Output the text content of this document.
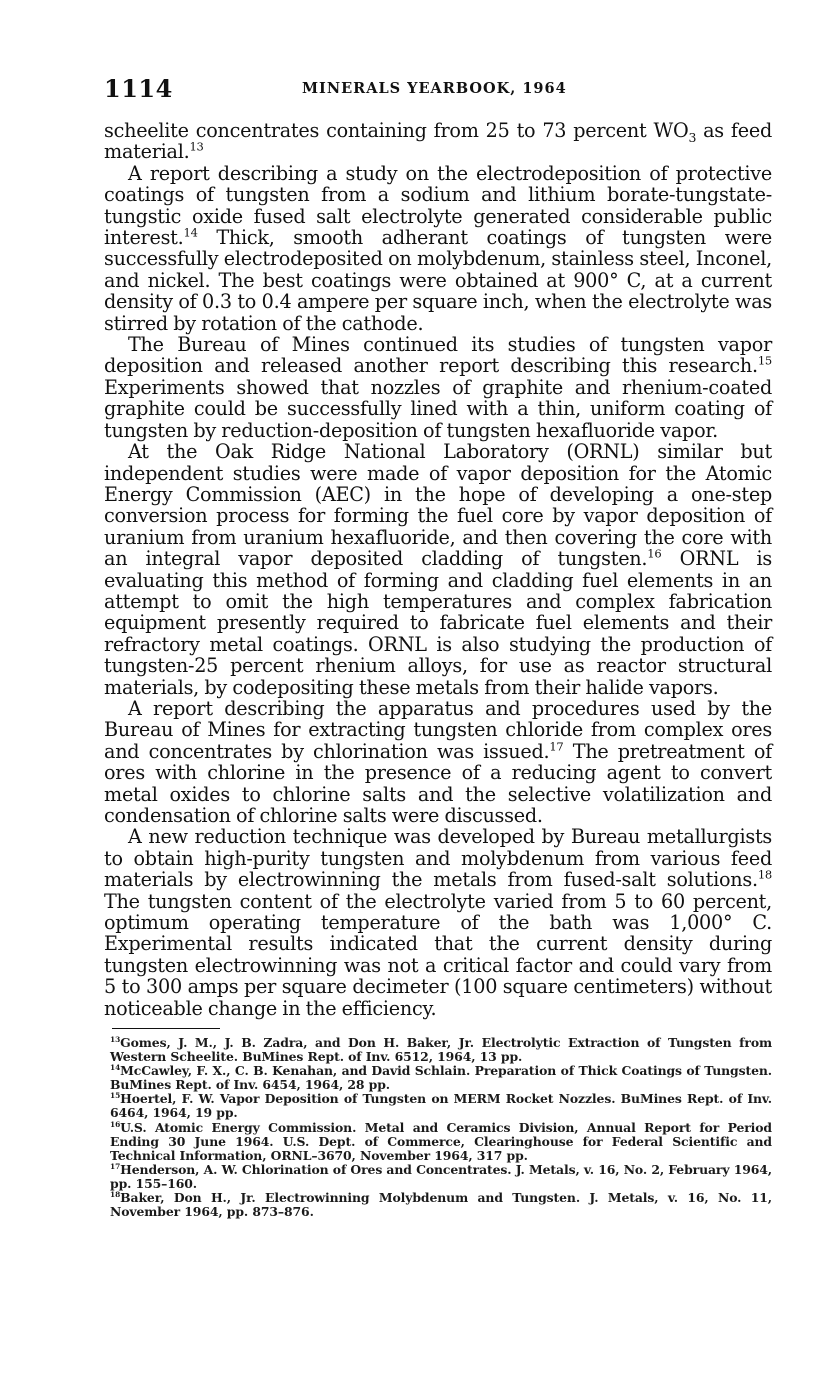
1114	MINERALS YEARBOOK, 1964

scheelite concentrates containing from 25 to 73 percent $WO_3$ as feed material.$^{13}$

A report describing a study on the electrodeposition of protective coatings of tungsten from a sodium and lithium borate-tungstate-tungstic oxide fused salt electrolyte generated considerable public interest.$^{14}$ Thick, smooth adherant coatings of tungsten were successfully electrodeposited on molybdenum, stainless steel, Inconel, and nickel. The best coatings were obtained at 900° C, at a current density of 0.3 to 0.4 ampere per square inch, when the electrolyte was stirred by rotation of the cathode.

The Bureau of Mines continued its studies of tungsten vapor deposition and released another report describing this research.$^{15}$ Experiments showed that nozzles of graphite and rhenium-coated graphite could be successfully lined with a thin, uniform coating of tungsten by reduction-deposition of tungsten hexafluoride vapor.

At the Oak Ridge National Laboratory (ORNL) similar but independent studies were made of vapor deposition for the Atomic Energy Commission (AEC) in the hope of developing a one-step conversion process for forming the fuel core by vapor deposition of uranium from uranium hexafluoride, and then covering the core with an integral vapor deposited cladding of tungsten.$^{16}$ ORNL is evaluating this method of forming and cladding fuel elements in an attempt to omit the high temperatures and complex fabrication equipment presently required to fabricate fuel elements and their refractory metal coatings. ORNL is also studying the production of tungsten-25 percent rhenium alloys, for use as reactor structural materials, by codepositing these metals from their halide vapors.

A report describing the apparatus and procedures used by the Bureau of Mines for extracting tungsten chloride from complex ores and concentrates by chlorination was issued.$^{17}$ The pretreatment of ores with chlorine in the presence of a reducing agent to convert metal oxides to chlorine salts and the selective volatilization and condensation of chlorine salts were discussed.

A new reduction technique was developed by Bureau metallurgists to obtain high-purity tungsten and molybdenum from various feed materials by electrowinning the metals from fused-salt solutions.$^{18}$ The tungsten content of the electrolyte varied from 5 to 60 percent, optimum operating temperature of the bath was 1,000° C. Experimental results indicated that the current density during tungsten electrowinning was not a critical factor and could vary from 5 to 300 amps per square decimeter (100 square centimeters) without noticeable change in the efficiency.

$^{13}$Gomes, J. M., J. B. Zadra, and Don H. Baker, Jr. Electrolytic Extraction of Tungsten from Western Scheelite. BuMines Rept. of Inv. 6512, 1964, 13 pp.

$^{14}$McCawley, F. X., C. B. Kenahan, and David Schlain. Preparation of Thick Coatings of Tungsten. BuMines Rept. of Inv. 6454, 1964, 28 pp.

$^{15}$Hoertel, F. W. Vapor Deposition of Tungsten on MERM Rocket Nozzles. BuMines Rept. of Inv. 6464, 1964, 19 pp.

$^{16}$U.S. Atomic Energy Commission. Metal and Ceramics Division, Annual Report for Period Ending 30 June 1964. U.S. Dept. of Commerce, Clearinghouse for Federal Scientific and Technical Information, ORNL–3670, November 1964, 317 pp.

$^{17}$Henderson, A. W. Chlorination of Ores and Concentrates. J. Metals, v. 16, No. 2, February 1964, pp. 155–160.

$^{18}$Baker, Don H., Jr. Electrowinning Molybdenum and Tungsten. J. Metals, v. 16, No. 11, November 1964, pp. 873–876.
